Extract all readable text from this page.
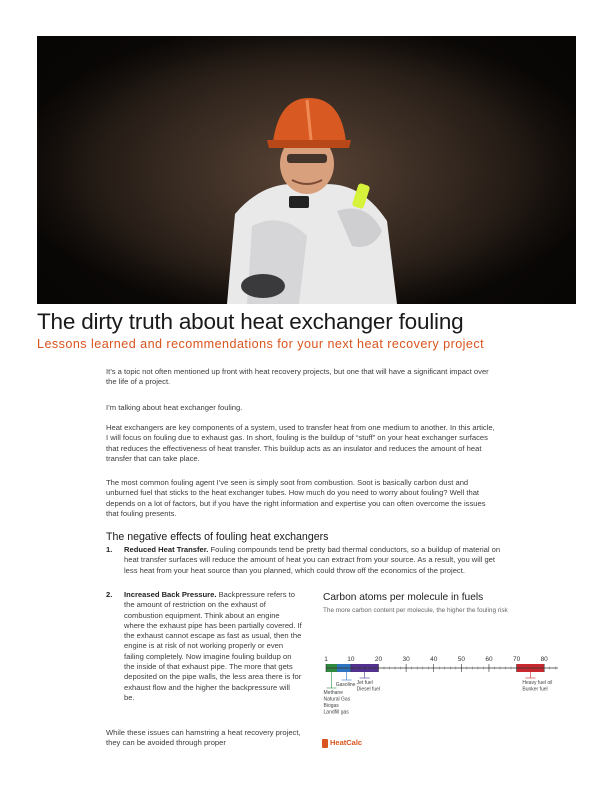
The dirty truth about heat exchanger fouling
Lessons learned and recommendations for your next heat recovery project

It’s a topic not often mentioned up front with heat recovery projects, but one that will have a significant impact over the life of a project.

I’m talking about heat exchanger fouling.

Heat exchangers are key components of a system, used to transfer heat from one medium to another. In this article, I will focus on fouling due to exhaust gas. In short, fouling is the buildup of “stuff” on your heat exchanger surfaces that reduces the effectiveness of heat transfer. This buildup acts as an insulator and reduces the amount of heat transfer that can take place.

The most common fouling agent I’ve seen is simply soot from combustion. Soot is basically carbon dust and unburned fuel that sticks to the heat exchanger tubes. How much do you need to worry about fouling? Well that depends on a lot of factors, but if you have the right information and expertise you can often overcome the issues that fouling presents.

The negative effects of fouling heat exchangers
1. Reduced Heat Transfer. Fouling compounds tend be pretty bad thermal conductors, so a buildup of material on heat transfer surfaces will reduce the amount of heat you can extract from your source. As a result, you will get less heat from your heat source than you planned, which could throw off the economics of the project.
2. Increased Back Pressure. Backpressure refers to the amount of restriction on the exhaust of combustion equipment. Think about an engine where the exhaust pipe has been partially covered. If the exhaust cannot escape as fast as usual, then the engine is at risk of not working properly or even failing completely. Now imagine fouling buildup on the inside of that exhaust pipe. The more that gets deposited on the pipe walls, the less area there is for exhaust flow and the higher the backpressure will be.

While these issues can hamstring a heat recovery project, they can be avoided through proper

Carbon atoms per molecule in fuels
The more carbon content per molecule, the higher the fouling risk
1	10	20	30	40	50	60	70	80
Methane
Natural Gas
Biogas
Landfill gas
Gasoline Jet fuel
Diesel fuel
Heavy fuel oil
Bunker fuel
HeatCalc
